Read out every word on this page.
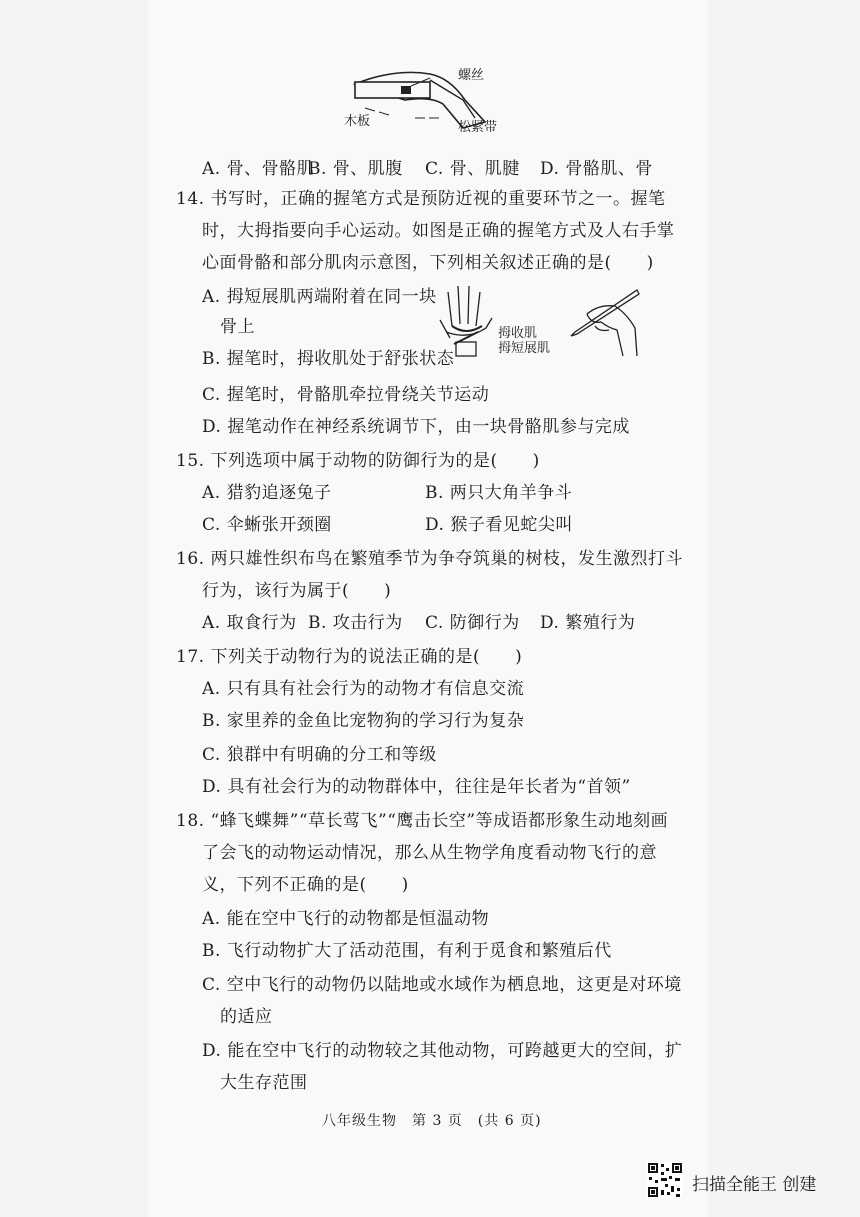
螺丝
木板	松紧带
A. 骨、骨骼肌
B. 骨、肌腹 C. 骨、肌腱 D. 骨骼肌、骨
14. 书写时，正确的握笔方式是预防近视的重要环节之一。握笔
时，大拇指要向手心运动。如图是正确的握笔方式及人右手掌
心面骨骼和部分肌肉示意图，下列相关叙述正确的是(　　)
A. 拇短展肌两端附着在同一块
骨上
B. 握笔时，拇收肌处于舒张状态
C. 握笔时，骨骼肌牵拉骨绕关节运动
D. 握笔动作在神经系统调节下，由一块骨骼肌参与完成
拇收肌
拇短展肌
15. 下列选项中属于动物的防御行为的是(　　)
A. 猎豹追逐兔子	B. 两只大角羊争斗
C. 伞蜥张开颈圈	D. 猴子看见蛇尖叫
16. 两只雄性织布鸟在繁殖季节为争夺筑巢的树枝，发生激烈打斗
行为，该行为属于(　　)
A. 取食行为 B. 攻击行为 C. 防御行为 D. 繁殖行为
17. 下列关于动物行为的说法正确的是(　　)
A. 只有具有社会行为的动物才有信息交流
B. 家里养的金鱼比宠物狗的学习行为复杂
C. 狼群中有明确的分工和等级
D. 具有社会行为的动物群体中，往往是年长者为“首领”
18. “蜂飞蝶舞”“草长莺飞”“鹰击长空”等成语都形象生动地刻画
了会飞的动物运动情况，那么从生物学角度看动物飞行的意
义，下列不正确的是(　　)
A. 能在空中飞行的动物都是恒温动物
B. 飞行动物扩大了活动范围，有利于觅食和繁殖后代
C. 空中飞行的动物仍以陆地或水域作为栖息地，这更是对环境
的适应
D. 能在空中飞行的动物较之其他动物，可跨越更大的空间，扩
大生存范围
八年级生物　第 3 页　(共 6 页)
扫描全能王 创建
